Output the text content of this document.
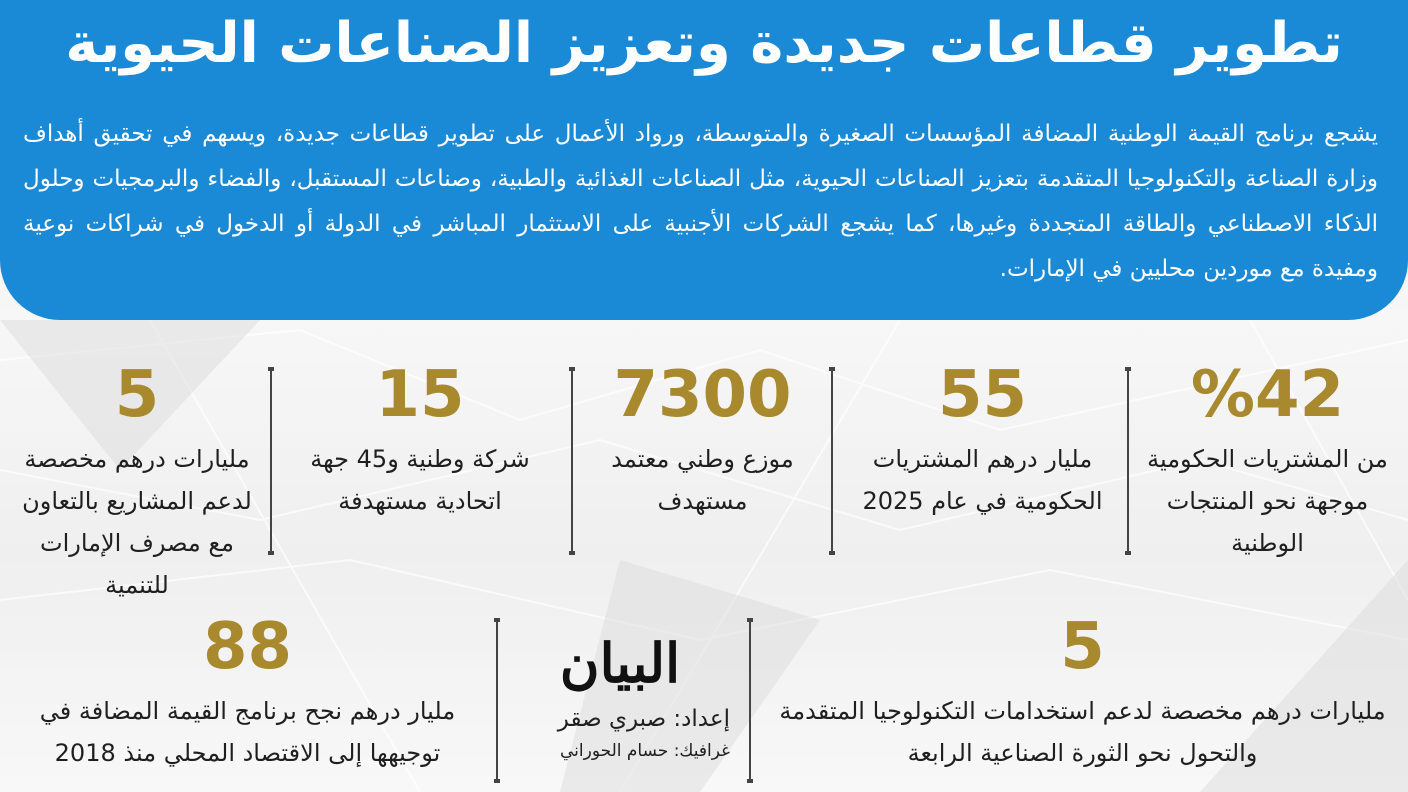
تطوير قطاعات جديدة وتعزيز الصناعات الحيوية
يشجع برنامج القيمة الوطنية المضافة المؤسسات الصغيرة والمتوسطة، ورواد الأعمال على تطوير قطاعات جديدة، ويسهم في تحقيق أهداف وزارة الصناعة والتكنولوجيا المتقدمة بتعزيز الصناعات الحيوية، مثل الصناعات الغذائية والطبية، وصناعات المستقبل، والفضاء والبرمجيات وحلول الذكاء الاصطناعي والطاقة المتجددة وغيرها، كما يشجع الشركات الأجنبية على الاستثمار المباشر في الدولة أو الدخول في شراكات نوعية ومفيدة مع موردين محليين في الإمارات.
%42
من المشتريات الحكومية موجهة نحو المنتجات الوطنية
55
مليار درهم المشتريات الحكومية في عام 2025
7300
موزع وطني معتمد مستهدف
15
شركة وطنية و45 جهة اتحادية مستهدفة
5
مليارات درهم مخصصة لدعم المشاريع بالتعاون مع مصرف الإمارات للتنمية
5
مليارات درهم مخصصة لدعم استخدامات التكنولوجيا المتقدمة والتحول نحو الثورة الصناعية الرابعة
البيان
إعداد: صبري صقر
غرافيك: حسام الحوراني
88
مليار درهم نجح برنامج القيمة المضافة في توجيهها إلى الاقتصاد المحلي منذ 2018
